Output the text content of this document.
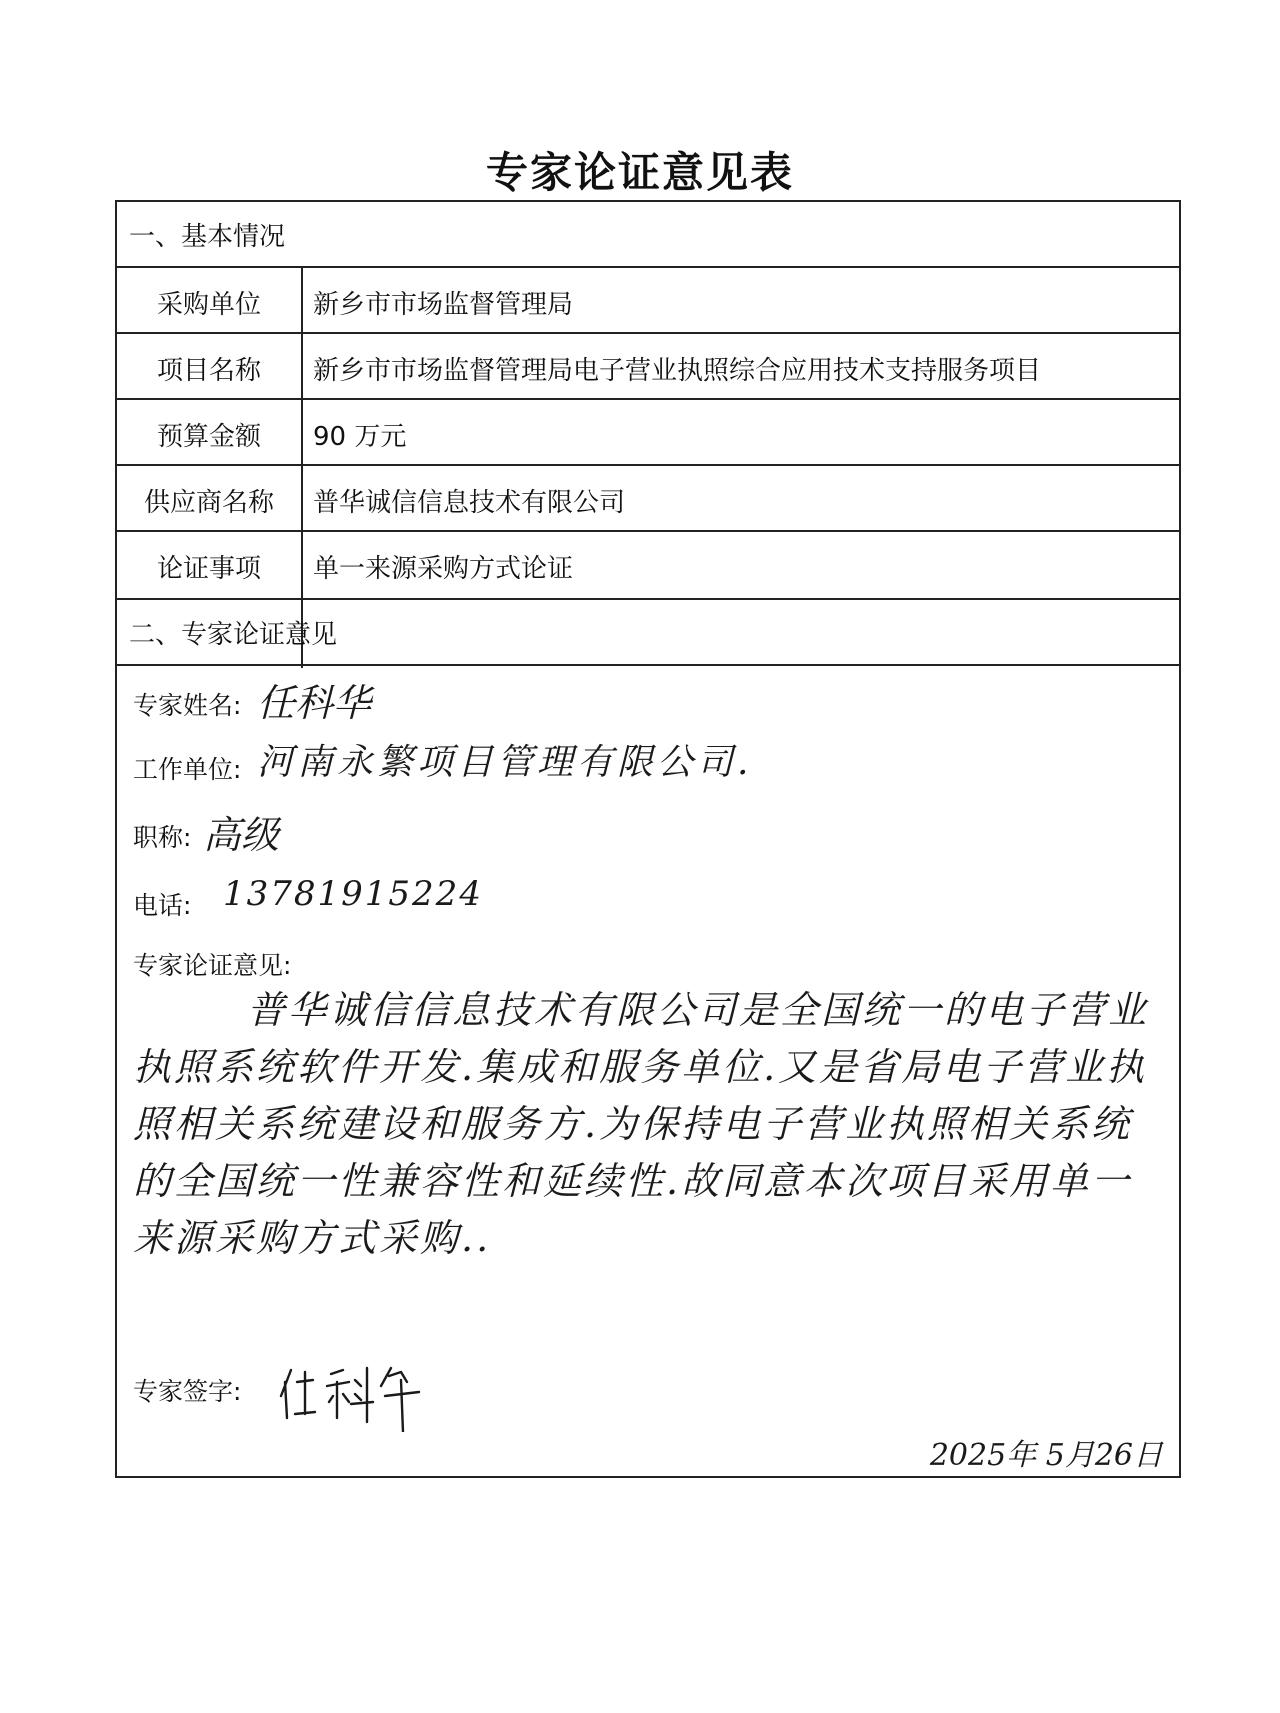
专家论证意见表
一、基本情况
采购单位	新乡市市场监督管理局
项目名称	新乡市市场监督管理局电子营业执照综合应用技术支持服务项目
预算金额	90 万元
供应商名称	普华诚信信息技术有限公司
论证事项	单一来源采购方式论证
二、专家论证意见
专家姓名: 任科华
工作单位: 河南永繁项目管理有限公司.
职称: 高级
电话: 13781915224
专家论证意见:
普华诚信信息技术有限公司是全国统一的电子营业执照系统软件开发.集成和服务单位.又是省局电子营业执照相关系统建设和服务方.为保持电子营业执照相关系统的全国统一性兼容性和延续性.故同意本次项目采用单一来源采购方式采购..
专家签字:
2025年 5月26日
